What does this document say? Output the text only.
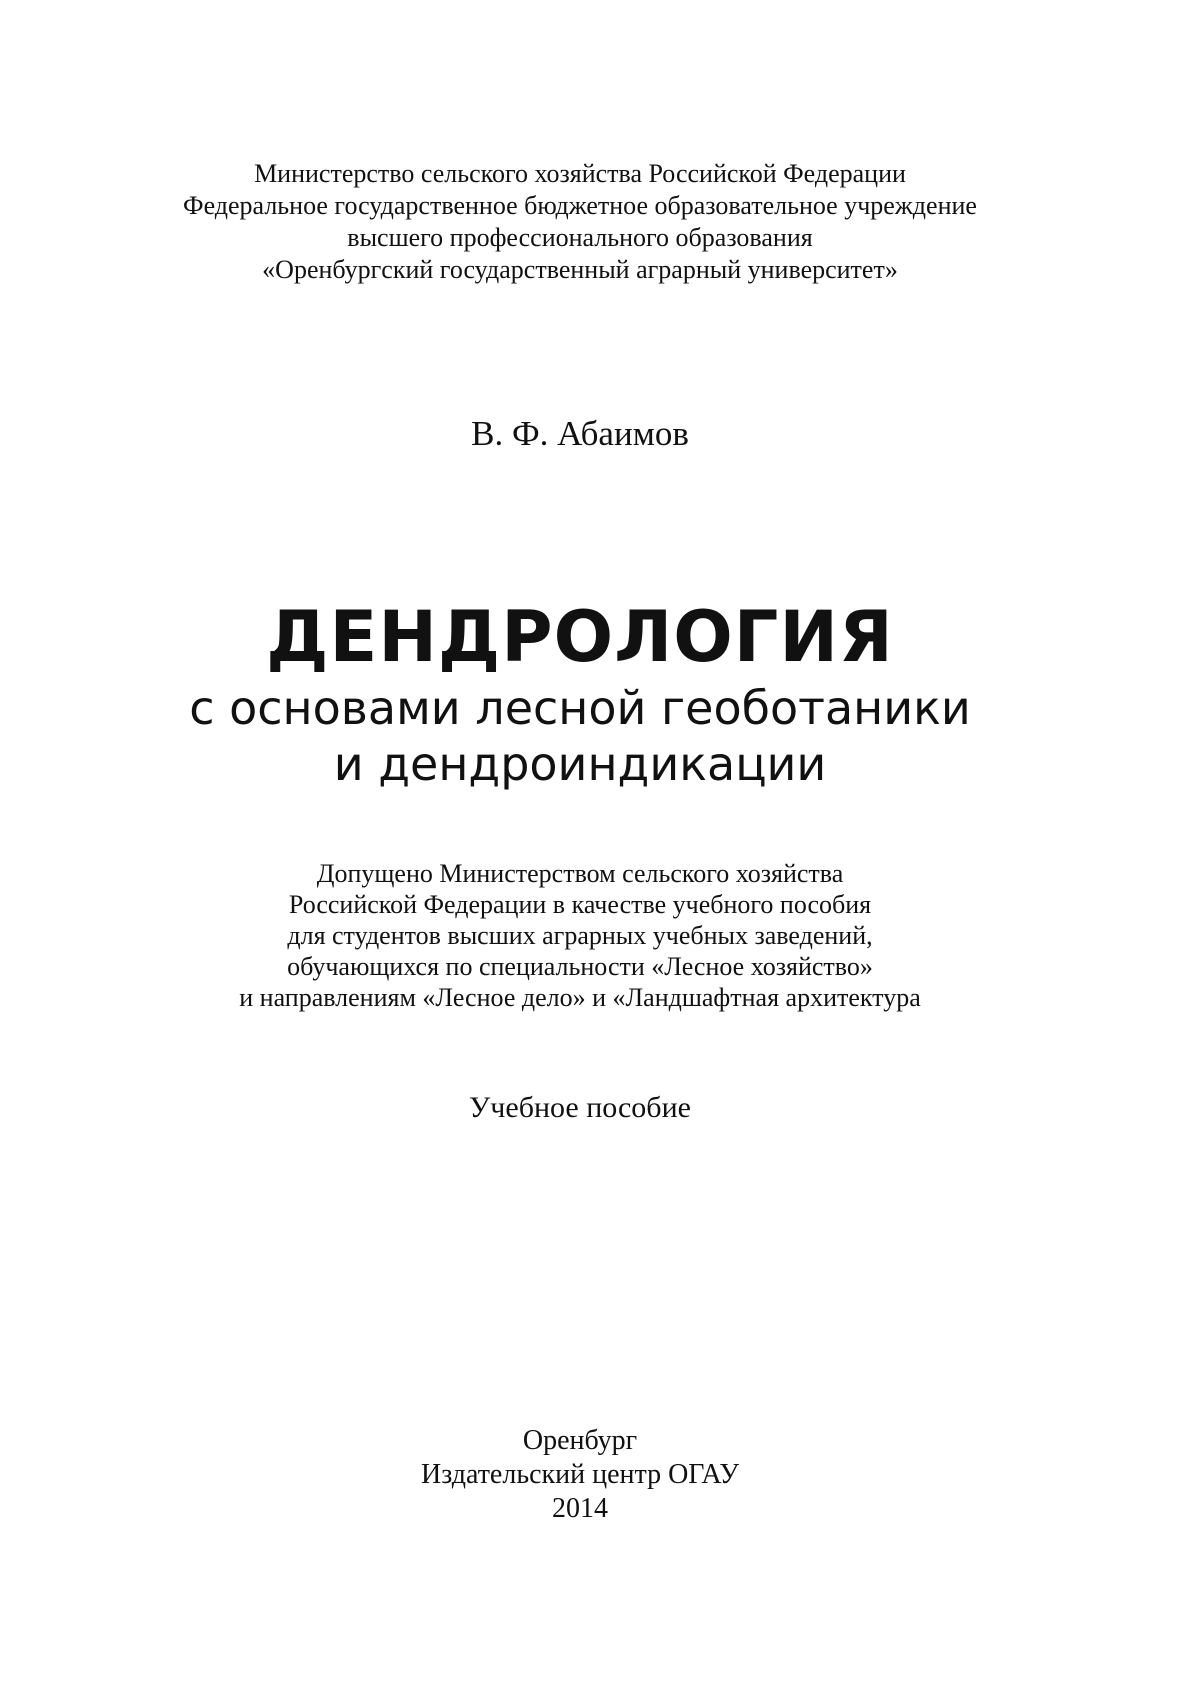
Министерство сельского хозяйства Российской Федерации
Федеральное государственное бюджетное образовательное учреждение
высшего профессионального образования
«Оренбургский государственный аграрный университет»
В. Ф. Абаимов
ДЕНДРОЛОГИЯ
с основами лесной геоботаники
и дендроиндикации
Допущено Министерством сельского хозяйства
Российской Федерации в качестве учебного пособия
для студентов высших аграрных учебных заведений,
обучающихся по специальности «Лесное хозяйство»
и направлениям «Лесное дело» и «Ландшафтная архитектура
Учебное пособие
Оренбург
Издательский центр ОГАУ
2014
